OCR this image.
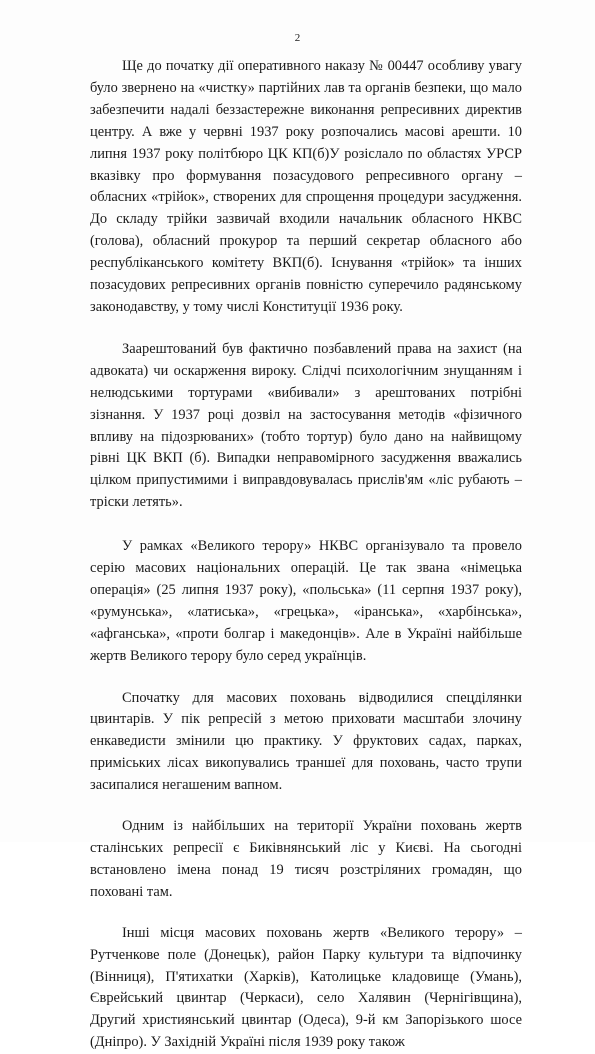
2

Ще до початку дії оперативного наказу № 00447 особливу увагу було звернено на «чистку» партійних лав та органів безпеки, що мало забезпечити надалі беззастережне виконання репресивних директив центру. А вже у червні 1937 року розпочались масові арешти. 10 липня 1937 року політбюро ЦК КП(б)У розіслало по областях УРСР вказівку про формування позасудового репресивного органу – обласних «трійок», створених для спрощення процедури засудження. До складу трійки зазвичай входили начальник обласного НКВС (голова), обласний прокурор та перший секретар обласного або республіканського комітету ВКП(б). Існування «трійок» та інших позасудових репресивних органів повністю суперечило радянському законодавству, у тому числі Конституції 1936 року.

Заарештований був фактично позбавлений права на захист (на адвоката) чи оскарження вироку. Слідчі психологічним знущанням і нелюдськими тортурами «вибивали» з арештованих потрібні зізнання. У 1937 році дозвіл на застосування методів «фізичного впливу на підозрюваних» (тобто тортур) було дано на найвищому рівні ЦК ВКП (б). Випадки неправомірного засудження вважались цілком припустимими і виправдовувалась прислів'ям «ліс рубають – тріски летять».

У рамках «Великого терору» НКВС організувало та провело серію масових національних операцій. Це так звана «німецька операція» (25 липня 1937 року), «польська» (11 серпня 1937 року), «румунська», «латиська», «грецька», «іранська», «харбінська», «афганська», «проти болгар і македонців». Але в Україні найбільше жертв Великого терору було серед українців.

Спочатку для масових поховань відводилися спецділянки цвинтарів. У пік репресій з метою приховати масштаби злочину енкаведисти змінили цю практику. У фруктових садах, парках, приміських лісах викопувались траншеї для поховань, часто трупи засипалися негашеним вапном.

Одним із найбільших на території України поховань жертв сталінських репресії є Биківнянський ліс у Києві. На сьогодні встановлено імена понад 19 тисяч розстріляних громадян, що поховані там.

Інші місця масових поховань жертв «Великого терору» – Рутченкове поле (Донецьк), район Парку культури та відпочинку (Вінниця), П'ятихатки (Харків), Католицьке кладовище (Умань), Єврейський цвинтар (Черкаси), село Халявин (Чернігівщина), Другий християнський цвинтар (Одеса), 9-й км Запорізького шосе (Дніпро). У Західній Україні після 1939 року також
